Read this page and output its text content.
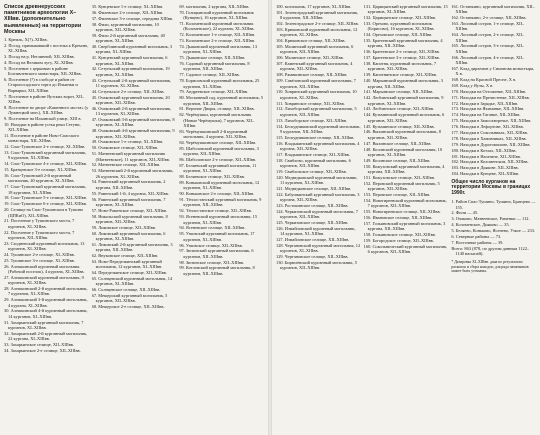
Список древнерусских памятников археологии X–XIIIвв. (дополнительно выявленных) на территории Москвы
1. Кремль, Х(?)–XIIIвв.
2. Посад, примыкавший с востока к Кремлю, XI–XIIIвв.
3. Посад на р. Неглинной, XII–XIIIвв.
4. Посад на Великом лугу, XI–XIIIвв.
5. Поселение с церковью в районе Богоявленского монастыря, XII–XIIIвв.
6. Поселение (?) в слободе и район от Старопосадского торга до Ильинки и Варварки, XII–XIIIвв.
7. Поселение в районе Яузских ворот, XII–XIIIвв.
8. Поселение во дворе «Каменного моста» (у Лужнецкой мон.), XII–XIIIвв.
9. Поселение на Ильинской улице, XIII в.
10. Находки в районе устья реки Сетуни, XII–XIIIвв.
11. Поселение в районе Ново-Спасского монастыря, XII–XIIIвв.
12. Спас-Тушинское 2-е селище, XI–XIIIвв.
13. Спас-Тушинский курганный могильник, 9 курганов, XI–XIIIвв.
14. Спас-Тушинское 4-е селище, XII–XIIIвв.
15. Братцевское 3-е селище, XI–XIIIвв.
16. Спас-Тушинский 2-й курганный могильник, 40 курганов, XI–XIIIвв.
17. Спас-Тушинский курганный могильник, 18 курганов, XI–XIIIвв.
18. Спас-Тушинское 5-е селище, XII–XIIIвв.
19. Спас-Тушинское 6-е селище, XII–XIIIвв.
20. Селище на Спас-Тушинском в Тушино (ЦПКиО), XII–XIIIвв.
21. Поселение у Тушинского моста, 7 курганов, XI–XIIIвв.
22. Поселение у Тушинского моста, 7 курганов, XII–XIIIвв.
23. Сходненский курганный могильник, 13 курганов, XI–XIIIвв.
24. Тушинское 2-е селище, XI–XIIIвв.
25. Тушинское 3-е селище, XI–XIIIвв.
26. Алешкинский курганный могильник (Рабочий поселок), 4 кургана, XI–XIIIвв.
27. Алешкинский курганный могильник, 9 курганов, XI–XIIIвв.
28. Алешкинский 2-й курганный могильник, 7 курганов, XI–XIIIвв.
29. Алешкинский 3-й курганный могильник, 4 кургана, XI–XIIIвв.
30. Алешкинский 4-й курганный могильник, 14 курганов, XI–XIIIвв.
31. Захарьинский курганный могильник, 7 курганов, XI–XIIIвв.
32. Захарьинский 2-й курганный могильник, 22 кургана, XI–XIIIвв.
33. Захарьинское селище, XII–XIIIвв.
34. Захарьинское 2-е селище, XII–XIIIвв.
35. Кунцевское 1-е селище, XI–XIIIвв.
36. Филевское 2-е селище, XII–XIIIвв.
37. Филевское 3-е селище, середина XIIIвв.
38. Фили, курганный могильник, 10 курганов, XII–XIIIвв.
39. Фили 2-й курганный могильник, 40 курганов, XI–XIIIвв.
40. Сверблинский курганный могильник, 3 кургана, XI–XIIIвв.
41. Кунцевский курганный могильник, 6 курганов, XI–XIIIвв.
42. Сетуньский курганный могильник, 19 курганов, XI–XIIIвв.
43. Сетуньский 2-й курганный могильник, 11 курганов, XI–XIIIвв.
44. Сетуньское 2-е селище, XII–XIIIвв.
45. Очаковский курганный могильник, 20 курганов, XII–XIIIвв.
46. Очаковский 2-й курганный могильник, 13 курганов, XI–XIIIвв.
47. Очаковский 3-й курганный могильник, 8 курганов, XI–XIIIвв.
48. Очаковский 4-й курганный могильник, 9 курганов, XII–XIIIвв.
49. Очаковское 1-е селище, XI–XIIIвв.
50. Очаковское селище, XII–XIIIвв.
51. Матвеевский курганный могильник (Матвеевское), 11 курганов, XII–XIIIвв.
52. Матвеевское селище, XII–XIIIвв.
53. Матвеевский 2-й курганный могильник, 26 курганов, XI–XIIIвв.
54. Раменский курганный могильник, 2 кургана, XII–XIIIвв.
55. Раменский 1-й, 4 кургана, XII–XIIIвв.
56. Раменский курганный могильник, 7 курганов, XI–XIIIвв.
57. Ново-Раменское селище, XII–XIIIвв.
58. Никольский курганный могильник, 8 курганов, XII–XIIIвв.
59. Ликовское селище, XII–XIIIвв.
60. Ликовский курганный могильник, 6 курганов, XI–XIIIвв.
61. Ликовский 2-й курганный могильник, 3 кургана, XII–XIIIвв.
62. Внуковское селище, XII–XIIIвв.
63. Ново-Переделкинский курганный могильник, 12 курганов, XI–XIIIвв.
64. Переделкинское селище, XII–XIIIвв.
65. Солнцевский курганный могильник, 14 курганов, XI–XIIIвв.
66. Солнцевское селище, XII–XIIIвв.
67. Мещерский курганный могильник, 5 курганов, XII–XIIIвв.
68. Мещерское 2-е селище, XII–XIIIвв.
69. могильник, 2 кургана, XII–XIIIвв.
70. Голицынский курганный могильник (Кунцево), 16 курганов, XI–XIIIвв.
71. Коломенский курганный могильник (Коломенское), 22 кургана, XI–XIIIвв.
72. Коломенское 1-е селище, XII–XIIIвв.
73. Коломенское 2-е селище, XII–XIIIвв.
74. Дьяковский курганный могильник, 13 курганов, XI–XIIIвв.
75. Дьяковское селище, XII–XIIIвв.
76. Садовый курганный могильник, 8 курганов, XII–XIIIвв.
77. Садовое селище, XII–XIIIвв.
78. Борисовский курганный могильник, 25 курганов, XI–XIIIвв.
79. Андреевское селище, XII–XIIIвв.
80. Московный сад, курганный могильник, 5 курганов, XII–XIIIвв.
81. Верхние Дворы, селище, XII–XIIIвв.
82. Черёмушки, курганный могильник (Новые Черёмушки), 7 курганов, XII–XIIIвв.
83. Черёмушкинский 2-й курганный могильник, 4 кургана, XII–XIIIвв.
84. Черёмушкинское селище, XII–XIIIвв.
85. Шаболовский курганный могильник, 3 кургана, XII–XIIIвв.
86. Шаболовское 2-е селище, XII–XIIIвв.
87. Беляевский курганный могильник, 11 курганов, XI–XIIIвв.
88. Беляевское селище, XII–XIIIвв.
89. Коньковский курганный могильник, 12 курганов, XI–XIIIвв.
90. Коньковское 2-е селище, XII–XIIIвв.
91. Тёплостанский курганный могильник, 9 курганов, XII–XIIIвв.
92. Тёплостанское селище, XII–XIIIвв.
93. Ясеневский курганный могильник, 15 курганов, XI–XIIIвв.
94. Ясеневское селище, XII–XIIIвв.
95. Узковский курганный могильник, 17 курганов, XI–XIIIвв.
96. Узковское селище, XII–XIIIвв.
97. Зюзинский курганный могильник, 6 курганов, XII–XIIIвв.
98. Зюзинское селище, XII–XIIIвв.
99. Котловский курганный могильник, 8 курганов, XII–XIIIвв.
100. могильник, 17 курганов, XI–XIIIвв.
101. Зеленоградский курганный могильник, 8 курганов, XII–XIIIвв.
102. Зеленоградское 2-е селище, XII–XIIIвв.
103. Крюковский курганный могильник, 12 курганов, XI–XIIIвв.
104. Крюковское селище, XII–XIIIвв.
105. Малинский курганный могильник, 6 курганов, XII–XIIIвв.
106. Малинское селище, XII–XIIIвв.
107. Каменский курганный могильник, 4 кургана, XII–XIIIвв.
108. Ржавкинское селище, XII–XIIIвв.
109. Савёловский курганный могильник, 7 курганов, XII–XIIIвв.
110. Ховринский курганный могильник, 10 курганов, XI–XIIIвв.
111. Ховринское селище, XII–XIIIвв.
112. Лихоборский курганный могильник, 5 курганов, XII–XIIIвв.
113. Лихоборское селище, XII–XIIIвв.
114. Бескудниковский курганный могильник, 9 курганов, XII–XIIIвв.
115. Бескудниковское селище, XII–XIIIвв.
116. Владыкинский курганный могильник, 4 кургана, XII–XIIIвв.
117. Владыкинское селище, XII–XIIIвв.
118. Свиблово, курганный могильник, 6 курганов, XII–XIIIвв.
119. Свибловское селище, XII–XIIIвв.
120. Медведковский курганный могильник, 11 курганов, XI–XIIIвв.
121. Медведковское селище, XII–XIIIвв.
122. Бабушкинский курганный могильник, 3 кургана, XII–XIIIвв.
123. Ростокинское селище, XII–XIIIвв.
124. Черкизовский курганный могильник, 7 курганов, XII–XIIIвв.
125. Черкизовское селище, XII–XIIIвв.
126. Измайловский курганный могильник, 14 курганов, XI–XIIIвв.
127. Измайловское селище, XII–XIIIвв.
128. Чертановский курганный могильник, 12 курганов, XI–XIIIвв.
129. Чертановское селище, XII–XIIIвв.
130. Бирюлёвский курганный могильник, 5 курганов, XII–XIIIвв.
131. Царицынский курганный могильник, 15 курганов, XI–XIIIвв.
132. Царицынское селище, XII–XIIIвв.
133. Орехово, курганный могильник (Борисово), 16 курганов, XI–XIIIвв.
134. Ореховское селище, XII–XIIIвв.
135. Братеевский курганный могильник, 4 кургана, XII–XIIIвв.
136. Братеевское 2-е селище, XII–XIIIвв.
137. Братеевское 3-е селище, XII–XIIIвв.
138. Капотня, курганный могильник, 7 курганов, XII–XIIIвв.
139. Капотнинское селище, XII–XIIIвв.
140. Марьинский курганный могильник, 3 кургана, XII–XIIIвв.
141. Марьинское селище, XII–XIIIвв.
142. Люблинский курганный могильник, 9 курганов, XI–XIIIвв.
143. Люблинское селище, XII–XIIIвв.
144. Кузьминский курганный могильник, 6 курганов, XII–XIIIвв.
145. Кузьминское селище, XII–XIIIвв.
146. Выхинский курганный могильник, 8 курганов, XII–XIIIвв.
147. Выхинское селище, XII–XIIIвв.
148. Косинский курганный могильник, 10 курганов, XI–XIIIвв.
149. Косинское селище, XII–XIIIвв.
150. Кожуховский курганный могильник, 4 кургана, XII–XIIIвв.
151. Кожуховское селище, XII–XIIIвв.
152. Перовский курганный могильник, 5 курганов, XII–XIIIвв.
153. Перовское селище, XII–XIIIвв.
154. Новогиреевский курганный могильник, 7 курганов, XII–XIIIвв.
155. Новогиреевское селище, XII–XIIIвв.
156. Ивановское селище, XII–XIIIвв.
157. Гольяновский курганный могильник, 3 кургана, XII–XIIIвв.
158. Гольяновское селище, XII–XIIIвв.
159. Богородское селище, XII–XIIIвв.
160. Сокольнический курганный могильник, 6 курганов, XII–XIIIвв.
161. Останкино, курганный могильник, XII–XIIIвв.
162. Останкино, 2-е селище, XII–XIIIвв.
163. Лосиный остров, 1-е селище, XII–XIIIвв.
164. Лосиный остров, 2-е селище, XII–XIIIвв.
165. Лосиный остров, 3-е селище, XII–XIIIвв.
166. Лосиный остров, 4-е селище, XII–XIIIвв.
167. Клад дирхемов у Симонова монастыря, X в.
168. Клад на Красной Пресне, X в.
169. Клад у Яузы, X в.
170. Находки на Остоженке, XII–XIIIвв.
171. Находки на Пречистенке, XII–XIIIвв.
172. Находки в Зарядье, XII–XIIIвв.
173. Находки на Якиманке, XII–XIIIвв.
174. Находки на Таганке, XII–XIIIвв.
175. Находки в Замоскворечье, XII–XIIIвв.
176. Находки в Лефортове, XII–XIIIвв.
177. Находки в Сокольниках, XII–XIIIвв.
178. Находки в Хамовниках, XII–XIIIвв.
179. Находки в Дорогомилове, XII–XIIIвв.
180. Находки в Котлах, XII–XIIIвв.
181. Находки в Нагатине, XII–XIIIвв.
182. Находки в Коломенском, XII–XIIIвв.
183. Находки в Дьякове, XII–XIIIвв.
184. Находки в Кунцеве, XII–XIIIвв.
Общее число курганов на территории Москвы в границах 1990г.
1. Район Спас-Тушино, Тушино, Братцево — 155.
2. Фили — 45.
3. Очаково, Матвеевское, Раменки — 112.
4. Коломенское, Дьяково — 35.
5. Беляево, Коньково, Ясенево, Узкое — 233.
6. Северные районы — 73.
7. Восточные районы — 39.
Всего: 863 (878, по другим данным 1122–1140 насыпей).
* Датировка XI–XIIIвв. дана по результатам раскопок и сбора находок; для ряда памятников может быть уточнена.
